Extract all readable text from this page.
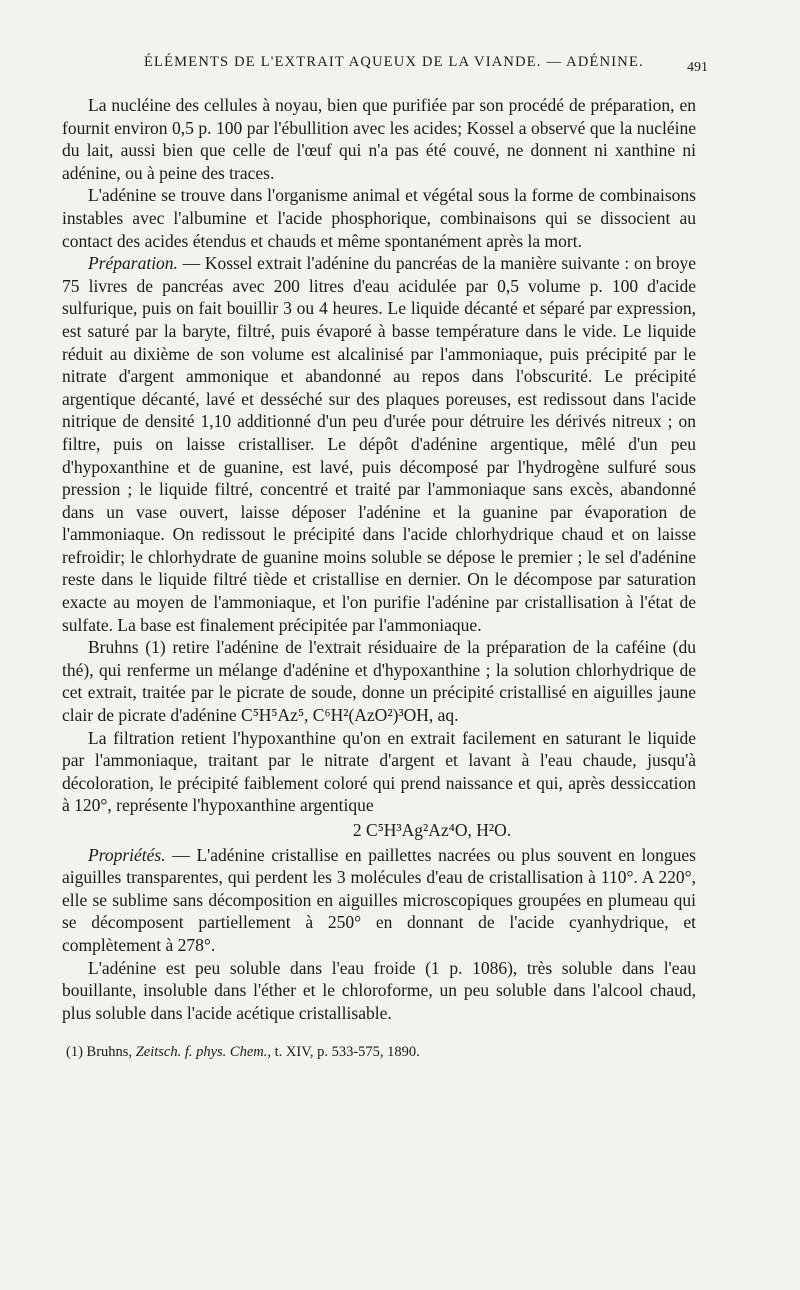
ÉLÉMENTS DE L'EXTRAIT AQUEUX DE LA VIANDE. — ADÉNINE.	491

La nucléine des cellules à noyau, bien que purifiée par son procédé de préparation, en fournit environ 0,5 p. 100 par l'ébullition avec les acides; Kossel a observé que la nucléine du lait, aussi bien que celle de l'œuf qui n'a pas été couvé, ne donnent ni xanthine ni adénine, ou à peine des traces.

L'adénine se trouve dans l'organisme animal et végétal sous la forme de combinaisons instables avec l'albumine et l'acide phosphorique, combinaisons qui se dissocient au contact des acides étendus et chauds et même spontanément après la mort.

Préparation. — Kossel extrait l'adénine du pancréas de la manière suivante : on broye 75 livres de pancréas avec 200 litres d'eau acidulée par 0,5 volume p. 100 d'acide sulfurique, puis on fait bouillir 3 ou 4 heures. Le liquide décanté et séparé par expression, est saturé par la baryte, filtré, puis évaporé à basse température dans le vide. Le liquide réduit au dixième de son volume est alcalinisé par l'ammoniaque, puis précipité par le nitrate d'argent ammonique et abandonné au repos dans l'obscurité. Le précipité argentique décanté, lavé et desséché sur des plaques poreuses, est redissout dans l'acide nitrique de densité 1,10 additionné d'un peu d'urée pour détruire les dérivés nitreux ; on filtre, puis on laisse cristalliser. Le dépôt d'adénine argentique, mêlé d'un peu d'hypoxanthine et de guanine, est lavé, puis décomposé par l'hydrogène sulfuré sous pression ; le liquide filtré, concentré et traité par l'ammoniaque sans excès, abandonné dans un vase ouvert, laisse déposer l'adénine et la guanine par évaporation de l'ammoniaque. On redissout le précipité dans l'acide chlorhydrique chaud et on laisse refroidir; le chlorhydrate de guanine moins soluble se dépose le premier ; le sel d'adénine reste dans le liquide filtré tiède et cristallise en dernier. On le décompose par saturation exacte au moyen de l'ammoniaque, et l'on purifie l'adénine par cristallisation à l'état de sulfate. La base est finalement précipitée par l'ammoniaque.

Bruhns (1) retire l'adénine de l'extrait résiduaire de la préparation de la caféine (du thé), qui renferme un mélange d'adénine et d'hypoxanthine ; la solution chlorhydrique de cet extrait, traitée par le picrate de soude, donne un précipité cristallisé en aiguilles jaune clair de picrate d'adénine C⁵H⁵Az⁵, C⁶H²(AzO²)³OH, aq.

La filtration retient l'hypoxanthine qu'on en extrait facilement en saturant le liquide par l'ammoniaque, traitant par le nitrate d'argent et lavant à l'eau chaude, jusqu'à décoloration, le précipité faiblement coloré qui prend naissance et qui, après dessiccation à 120°, représente l'hypoxanthine argentique

2 C⁵H³Ag²Az⁴O, H²O.

Propriétés. — L'adénine cristallise en paillettes nacrées ou plus souvent en longues aiguilles transparentes, qui perdent les 3 molécules d'eau de cristallisation à 110°. A 220°, elle se sublime sans décomposition en aiguilles microscopiques groupées en plumeau qui se décomposent partiellement à 250° en donnant de l'acide cyanhydrique, et complètement à 278°.

L'adénine est peu soluble dans l'eau froide (1 p. 1086), très soluble dans l'eau bouillante, insoluble dans l'éther et le chloroforme, un peu soluble dans l'alcool chaud, plus soluble dans l'acide acétique cristallisable.

(1) Bruhns, Zeitsch. f. phys. Chem., t. XIV, p. 533-575, 1890.
